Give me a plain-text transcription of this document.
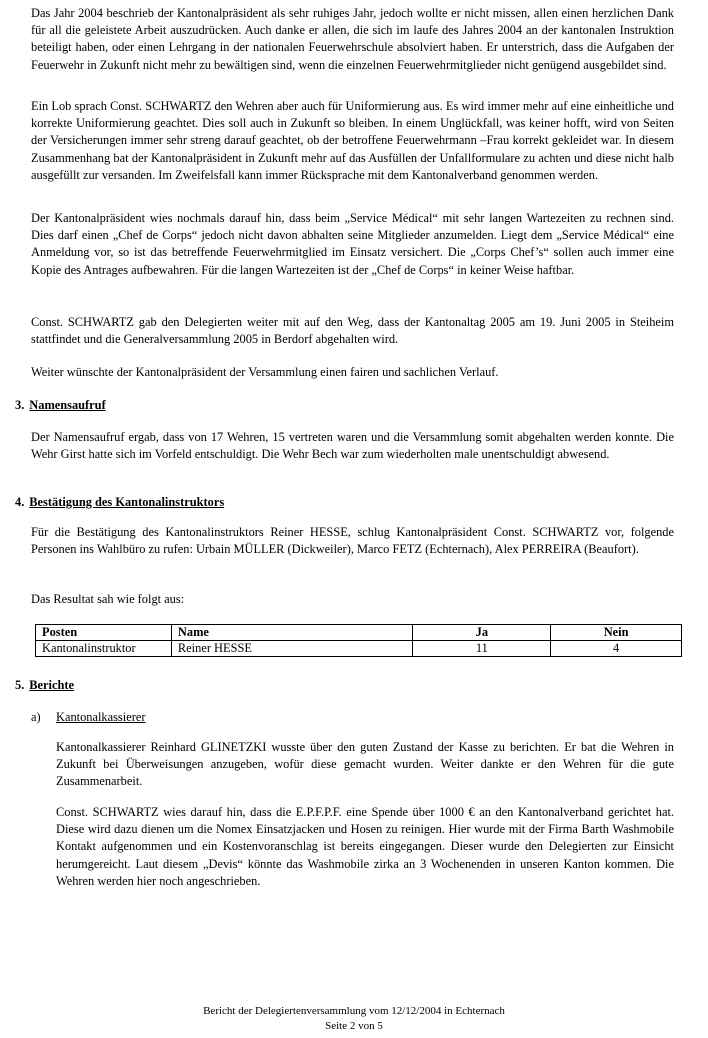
Das Jahr 2004 beschrieb der Kantonalpräsident als sehr ruhiges Jahr, jedoch wollte er nicht missen, allen einen herzlichen Dank für all die geleistete Arbeit auszudrücken. Auch danke er allen, die sich im laufe des Jahres 2004 an der kantonalen Instruktion beteiligt haben, oder einen Lehrgang in der nationalen Feuerwehrschule absolviert haben. Er unterstrich, dass die Aufgaben der Feuerwehr in Zukunft nicht mehr zu bewältigen sind, wenn die einzelnen Feuerwehrmitglieder nicht genügend ausgebildet sind.

Ein Lob sprach Const. SCHWARTZ den Wehren aber auch für Uniformierung aus. Es wird immer mehr auf eine einheitliche und korrekte Uniformierung geachtet. Dies soll auch in Zukunft so bleiben. In einem Unglückfall, was keiner hofft, wird von Seiten der Versicherungen immer sehr streng darauf geachtet, ob der betroffene Feuerwehrmann –Frau korrekt gekleidet war. In diesem Zusammenhang bat der Kantonalpräsident in Zukunft mehr auf das Ausfüllen der Unfallformulare zu achten und diese nicht halb ausgefüllt zur versanden. Im Zweifelsfall kann immer Rücksprache mit dem Kantonalverband genommen werden.

Der Kantonalpräsident wies nochmals darauf hin, dass beim „Service Médical“ mit sehr langen Wartezeiten zu rechnen sind. Dies darf einen „Chef de Corps“ jedoch nicht davon abhalten seine Mitglieder anzumelden. Liegt dem „Service Médical“ eine Anmeldung vor, so ist das betreffende Feuerwehrmitglied im Einsatz versichert. Die „Corps Chef’s“ sollen auch immer eine Kopie des Antrages aufbewahren. Für die langen Wartezeiten ist der „Chef de Corps“ in keiner Weise haftbar.

Const. SCHWARTZ gab den Delegierten weiter mit auf den Weg, dass der Kantonaltag 2005 am 19. Juni 2005 in Steiheim stattfindet und die Generalversammlung 2005 in Berdorf abgehalten wird.

Weiter wünschte der Kantonalpräsident der Versammlung einen fairen und sachlichen Verlauf.

3. Namensaufruf

Der Namensaufruf ergab, dass von 17 Wehren, 15 vertreten waren und die Versammlung somit abgehalten werden konnte. Die Wehr Girst hatte sich im Vorfeld entschuldigt. Die Wehr Bech war zum wiederholten male unentschuldigt abwesend.

4. Bestätigung des Kantonalinstruktors

Für die Bestätigung des Kantonalinstruktors Reiner HESSE, schlug Kantonalpräsident Const. SCHWARTZ vor, folgende Personen ins Wahlbüro zu rufen: Urbain MÜLLER (Dickweiler), Marco FETZ (Echternach), Alex PERREIRA (Beaufort).

Das Resultat sah wie folgt aus:

Posten	Name	Ja	Nein
Kantonalinstruktor	Reiner HESSE	11	4
5. Berichte
a) Kantonalkassierer

Kantonalkassierer Reinhard GLINETZKI wusste über den guten Zustand der Kasse zu berichten. Er bat die Wehren in Zukunft bei Überweisungen anzugeben, wofür diese gemacht wurden. Weiter dankte er den Wehren für die gute Zusammenarbeit.

Const. SCHWARTZ wies darauf hin, dass die E.P.F.P.F. eine Spende über 1000 € an den Kantonalverband gerichtet hat. Diese wird dazu dienen um die Nomex Einsatzjacken und Hosen zu reinigen. Hier wurde mit der Firma Barth Washmobile Kontakt aufgenommen und ein Kostenvoranschlag ist bereits eingegangen. Dieser wurde den Delegierten zur Einsicht herumgereicht. Laut diesem „Devis“ könnte das Washmobile zirka an 3 Wochenenden in unseren Kanton kommen. Die Wehren werden hier noch angeschrieben.

Bericht der Delegiertenversammlung vom 12/12/2004 in Echternach
Seite 2 von 5
